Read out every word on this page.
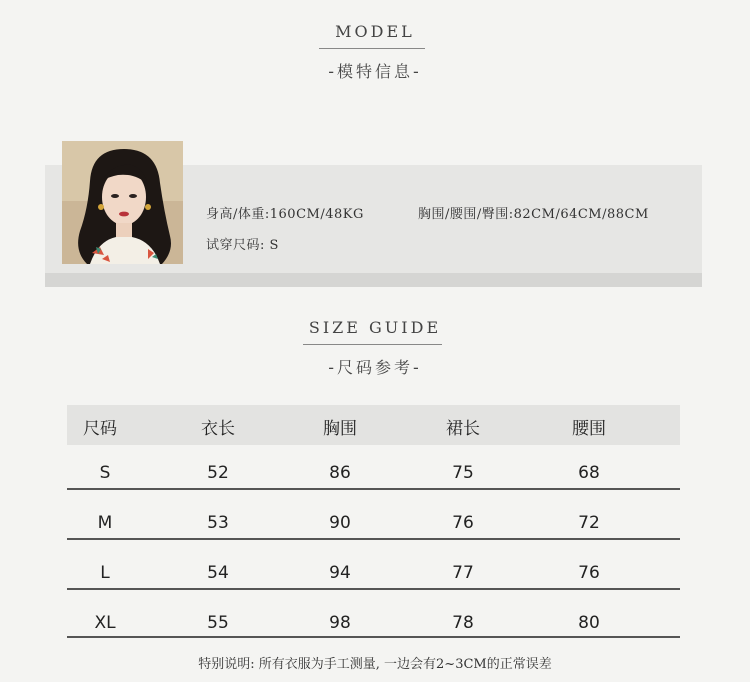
MODEL
-模特信息-
身高/体重:160CM/48KG	胸围/腰围/臀围:82CM/64CM/88CM
试穿尺码: S
SIZE GUIDE
-尺码参考-
尺码	衣长	胸围	裙长	腰围
S	52	86	75	68
M	53	90	76	72
L	54	94	77	76
XL	55	98	78	80
特别说明: 所有衣服为手工测量, 一边会有2~3CM的正常误差
